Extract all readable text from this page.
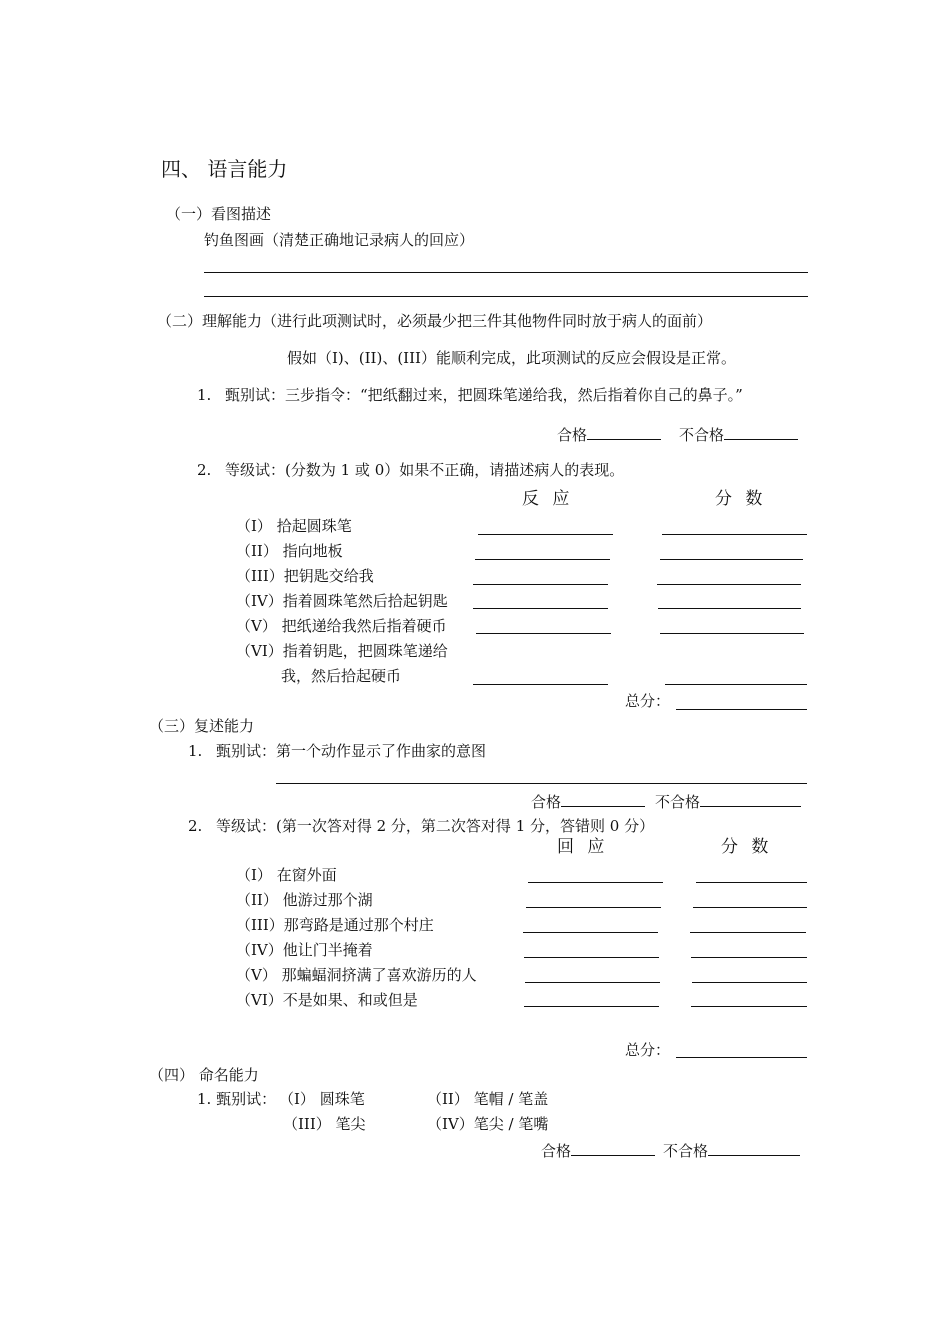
四、 语言能力
（一）看图描述
钓鱼图画（清楚正确地记录病人的回应）
（二）理解能力（进行此项测试时，必须最少把三件其他物件同时放于病人的面前）
假如（I)、(II)、(III）能顺利完成，此项测试的反应会假设是正常。
1. 甄别试：三步指令：“把纸翻过来，把圆珠笔递给我，然后指着你自己的鼻子。”
合格	不合格
2. 等级试：(分数为 1 或 0）如果不正确，请描述病人的表现。
反 应	分 数
（I） 拾起圆珠笔
（II） 指向地板
（III）把钥匙交给我
（IV）指着圆珠笔然后拾起钥匙
（V） 把纸递给我然后指着硬币
（VI）指着钥匙，把圆珠笔递给
我，然后拾起硬币
总分：
（三）复述能力
1. 甄别试：第一个动作显示了作曲家的意图
合格	不合格
2. 等级试：(第一次答对得 2 分，第二次答对得 1 分，答错则 0 分）
回 应	分 数
（I） 在窗外面
（II） 他游过那个湖
（III）那弯路是通过那个村庄
（IV）他让门半掩着
（V） 那蝙蝠洞挤满了喜欢游历的人
（VI）不是如果、和或但是
总分：
（四） 命名能力
1. 甄别试： （I） 圆珠笔	（II） 笔帽 / 笔盖
（III） 笔尖	（IV）笔尖 / 笔嘴
合格	不合格
